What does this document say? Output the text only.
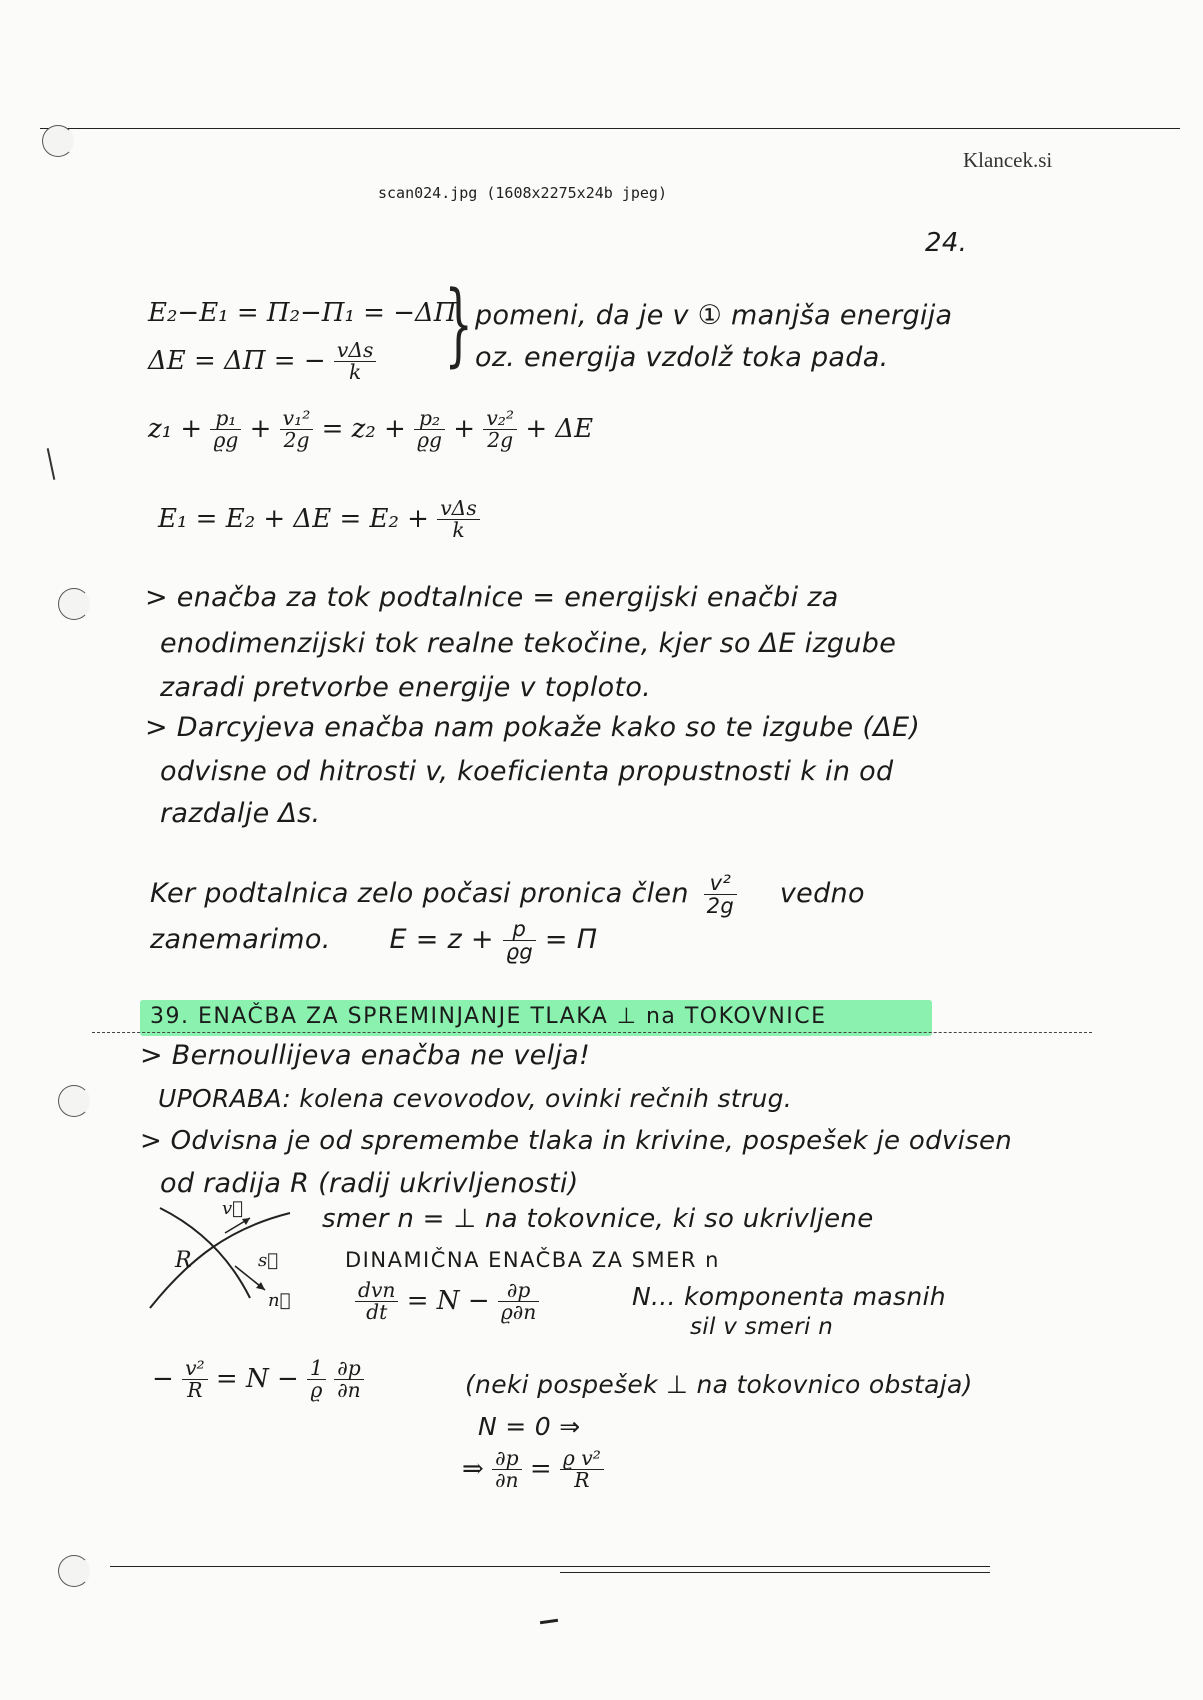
Klancek.si
scan024.jpg (1608x2275x24b jpeg)
24.
E₂−E₁ = Π₂−Π₁ = −ΔΠ
ΔE = ΔΠ = − $\frac{\text{vΔs}}{k}$ } pomeni, da je v ① manjša energija
oz. energija vzdolž toka pada.
$z_1 + \frac{\text{p₁}}{ϱg} + \frac{\text{v₁²}}{2g} = z_2 + \frac{\text{p₂}}{ϱg} + \frac{\text{v₂²}}{2g} + \Delta E$
$E_1 = E_2 + \Delta E = E_2 + \frac{\text{vΔs}}{k}$
> enačba za tok podtalnice = energijski enačbi za
enodimenzijski tok realne tekočine, kjer so ΔE izgube
zaradi pretvorbe energije v toploto.
> Darcyjeva enačba nam pokaže kako so te izgube (ΔE)
odvisne od hitrosti v, koeficienta propustnosti k in od
razdalje Δs.
Ker podtalnica zelo počasi pronica člen $\frac{\text{v²}}{2g}$ vedno
zanemarimo. $E = z + \frac{p}{ϱg} = \Pi$
39. ENAČBA ZA SPREMINJANJE TLAKA ⊥ na TOKOVNICE
> Bernoullijeva enačba ne velja!
UPORABA: kolena cevovodov, ovinki rečnih strug.
> Odvisna je od spremembe tlaka in krivine, pospešek je odvisen
od radija R (radij ukrivljenosti)
R
v⃗
s⃗
n⃗
smer n = ⊥ na tokovnice, ki so ukrivljene
DINAMIČNA ENAČBA ZA SMER n
$\frac{\text{dvn}}{dt} = N - \frac{\partial p}{ϱ\partial n}$	N... komponenta masnih
sil v smeri n
− $\frac{\text{v²}}{R} = N - \frac{1}{ϱ}$
$\frac{\partial p}{\partial n}$	(neki pospešek ⊥ na tokovnico obstaja)
N = 0 ⇒
⇒ $\frac{\partial p}{\partial n} = \frac{\text{ϱ v²}}{R}$
